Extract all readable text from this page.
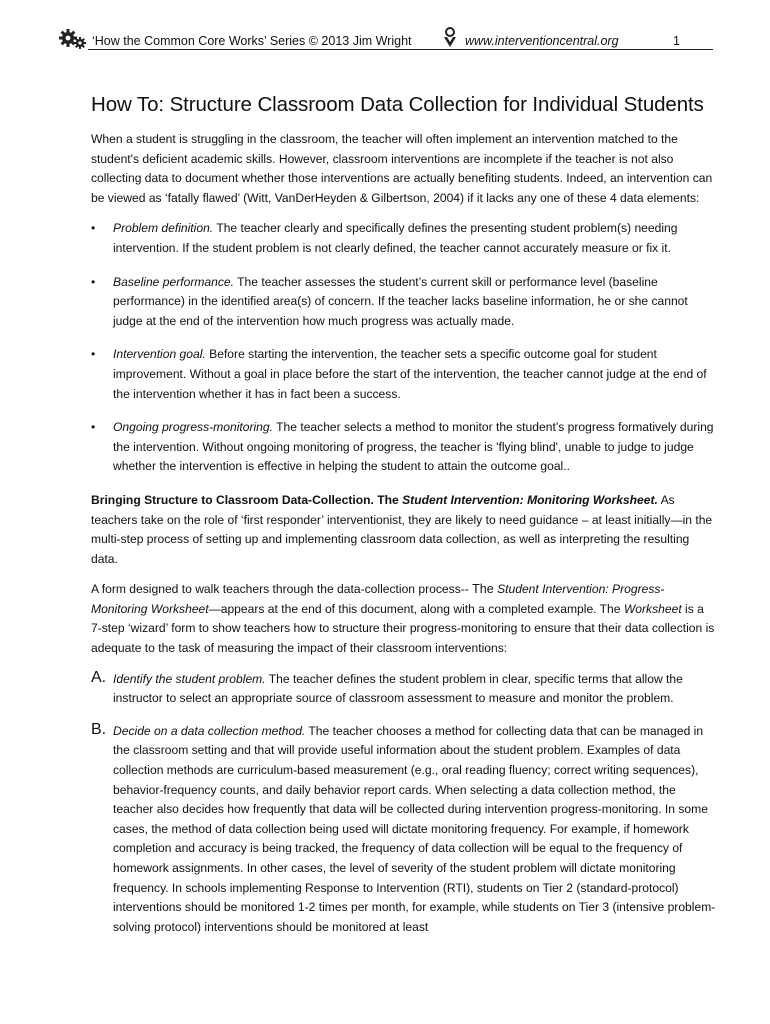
‘How the Common Core Works’ Series © 2013 Jim Wright	www.interventioncentral.org	1
How To: Structure Classroom Data Collection for Individual Students

When a student is struggling in the classroom, the teacher will often implement an intervention matched to the student's deficient academic skills. However, classroom interventions are incomplete if the teacher is not also collecting data to document whether those interventions are actually benefiting students. Indeed, an intervention can be viewed as ‘fatally flawed’ (Witt, VanDerHeyden & Gilbertson, 2004) if it lacks any one of these 4 data elements:

• Problem definition. The teacher clearly and specifically defines the presenting student problem(s) needing intervention. If the student problem is not clearly defined, the teacher cannot accurately measure or fix it.
• Baseline performance. The teacher assesses the student’s current skill or performance level (baseline performance) in the identified area(s) of concern. If the teacher lacks baseline information, he or she cannot judge at the end of the intervention how much progress was actually made.
• Intervention goal. Before starting the intervention, the teacher sets a specific outcome goal for student improvement. Without a goal in place before the start of the intervention, the teacher cannot judge at the end of the intervention whether it has in fact been a success.
• Ongoing progress-monitoring. The teacher selects a method to monitor the student’s progress formatively during the intervention. Without ongoing monitoring of progress, the teacher is 'flying blind', unable to judge to judge whether the intervention is effective in helping the student to attain the outcome goal..

Bringing Structure to Classroom Data-Collection. The Student Intervention: Monitoring Worksheet. As teachers take on the role of ‘first responder’ interventionist, they are likely to need guidance – at least initially—in the multi-step process of setting up and implementing classroom data collection, as well as interpreting the resulting data.

A form designed to walk teachers through the data-collection process-- The Student Intervention: Progress-Monitoring Worksheet—appears at the end of this document, along with a completed example. The Worksheet is a 7-step ‘wizard’ form to show teachers how to structure their progress-monitoring to ensure that their data collection is adequate to the task of measuring the impact of their classroom interventions:

A. Identify the student problem. The teacher defines the student problem in clear, specific terms that allow the instructor to select an appropriate source of classroom assessment to measure and monitor the problem.
B. Decide on a data collection method. The teacher chooses a method for collecting data that can be managed in the classroom setting and that will provide useful information about the student problem. Examples of data collection methods are curriculum-based measurement (e.g., oral reading fluency; correct writing sequences), behavior-frequency counts, and daily behavior report cards. When selecting a data collection method, the teacher also decides how frequently that data will be collected during intervention progress-monitoring. In some cases, the method of data collection being used will dictate monitoring frequency. For example, if homework completion and accuracy is being tracked, the frequency of data collection will be equal to the frequency of homework assignments. In other cases, the level of severity of the student problem will dictate monitoring frequency. In schools implementing Response to Intervention (RTI), students on Tier 2 (standard-protocol) interventions should be monitored 1-2 times per month, for example, while students on Tier 3 (intensive problem-solving protocol) interventions should be monitored at least
